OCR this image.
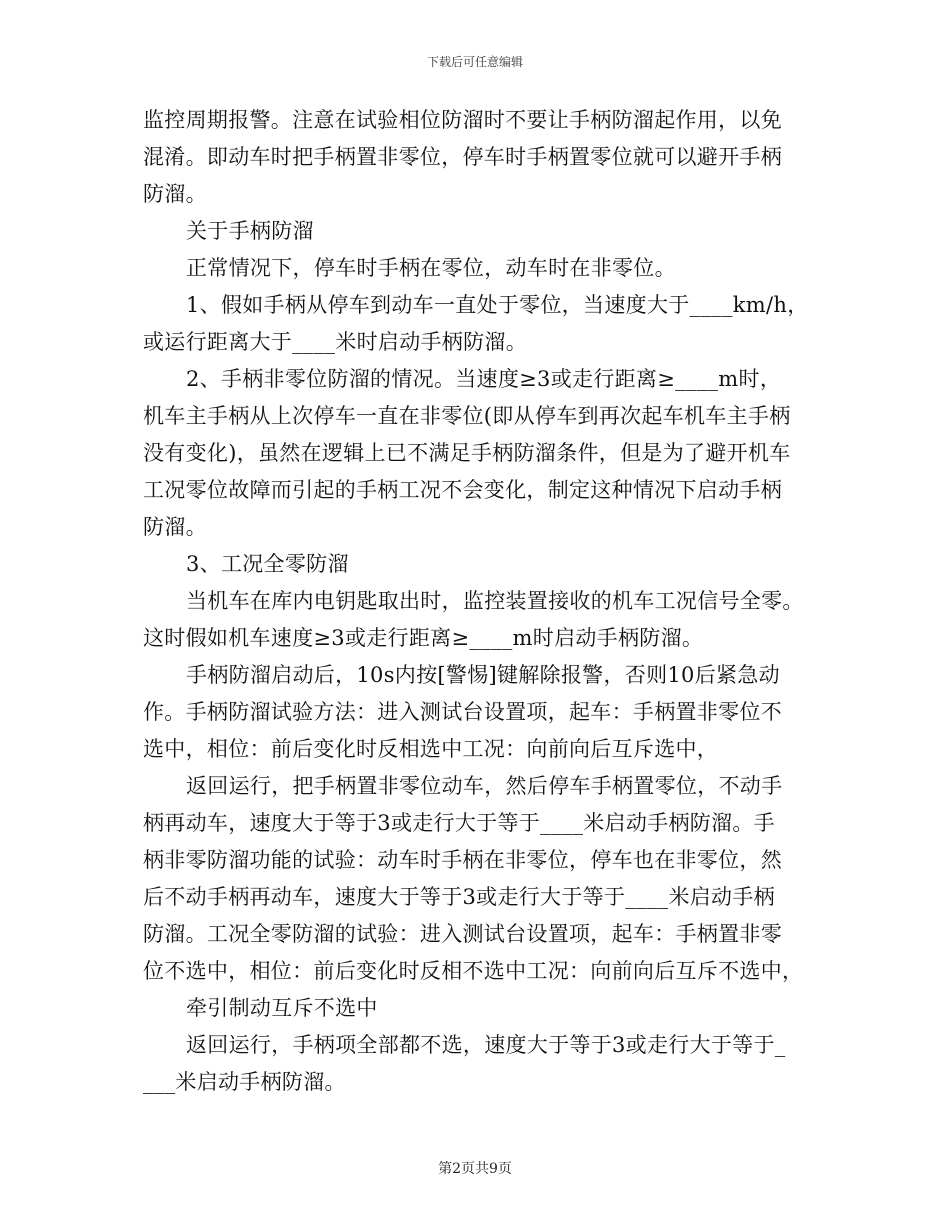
下载后可任意编辑
监控周期报警。注意在试验相位防溜时不要让手柄防溜起作用，以免
混淆。即动车时把手柄置非零位，停车时手柄置零位就可以避开手柄
防溜。
关于手柄防溜
正常情况下，停车时手柄在零位，动车时在非零位。
1、假如手柄从停车到动车一直处于零位，当速度大于____km/h，
或运行距离大于____米时启动手柄防溜。
2、手柄非零位防溜的情况。当速度≥3或走行距离≥____m时，
机车主手柄从上次停车一直在非零位(即从停车到再次起车机车主手柄
没有变化)，虽然在逻辑上已不满足手柄防溜条件，但是为了避开机车
工况零位故障而引起的手柄工况不会变化，制定这种情况下启动手柄
防溜。
3、工况全零防溜
当机车在库内电钥匙取出时，监控装置接收的机车工况信号全零。
这时假如机车速度≥3或走行距离≥____m时启动手柄防溜。
手柄防溜启动后，10s内按[警惕]键解除报警，否则10后紧急动
作。手柄防溜试验方法：进入测试台设置项，起车：手柄置非零位不
选中，相位：前后变化时反相选中工况：向前向后互斥选中，
返回运行，把手柄置非零位动车，然后停车手柄置零位，不动手
柄再动车，速度大于等于3或走行大于等于____米启动手柄防溜。手
柄非零防溜功能的试验：动车时手柄在非零位，停车也在非零位，然
后不动手柄再动车，速度大于等于3或走行大于等于____米启动手柄
防溜。工况全零防溜的试验：进入测试台设置项，起车：手柄置非零
位不选中，相位：前后变化时反相不选中工况：向前向后互斥不选中，
牵引制动互斥不选中
返回运行，手柄项全部都不选，速度大于等于3或走行大于等于_
___米启动手柄防溜。
第2页共9页
